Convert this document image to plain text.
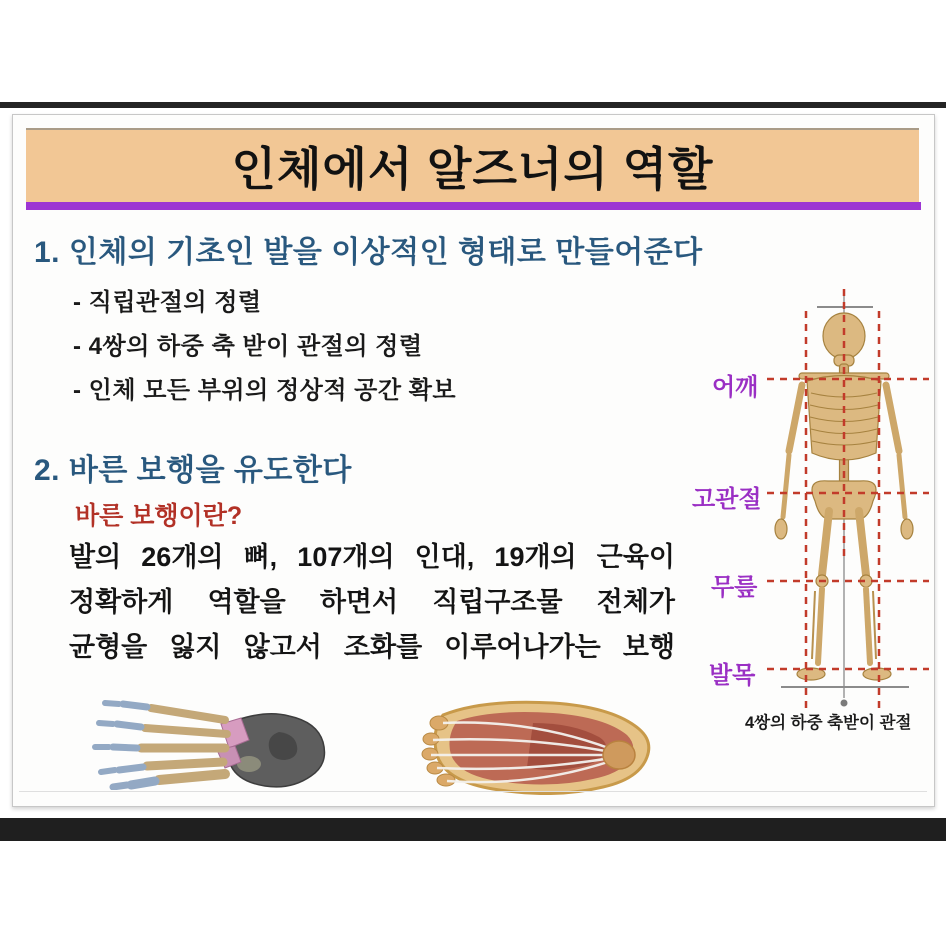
인체에서 알즈너의 역할
1. 인체의 기초인 발을 이상적인 형태로 만들어준다
- 직립관절의 정렬
- 4쌍의 하중 축 받이 관절의 정렬
- 인체 모든 부위의 정상적 공간 확보
2. 바른 보행을 유도한다
바른 보행이란?
발의 26개의 뼈, 107개의 인대, 19개의 근육이
정확하게 역할을 하면서 직립구조물 전체가
균형을 잃지 않고서 조화를 이루어나가는 보행
어깨
고관절
무릎
발목
4쌍의 하중 축받이 관절
